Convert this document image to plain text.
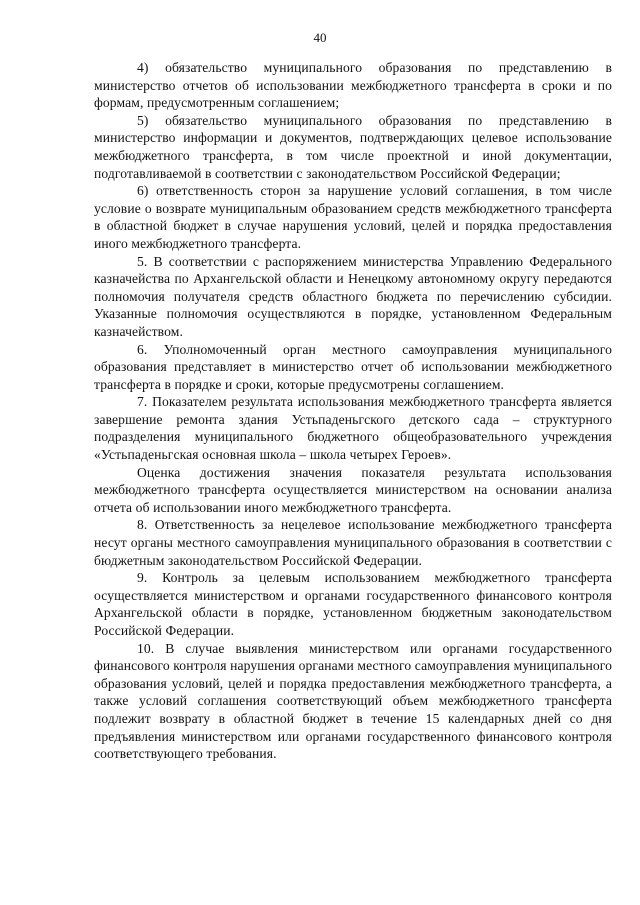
40

4) обязательство муниципального образования по представлению в министерство отчетов об использовании межбюджетного трансферта в сроки и по формам, предусмотренным соглашением;

5) обязательство муниципального образования по представлению в министерство информации и документов, подтверждающих целевое использование межбюджетного трансферта, в том числе проектной и иной документации, подготавливаемой в соответствии с законодательством Российской Федерации;

6) ответственность сторон за нарушение условий соглашения, в том числе условие о возврате муниципальным образованием средств межбюджетного трансферта в областной бюджет в случае нарушения условий, целей и порядка предоставления иного межбюджетного трансферта.

5. В соответствии с распоряжением министерства Управлению Федерального казначейства по Архангельской области и Ненецкому автономному округу передаются полномочия получателя средств областного бюджета по перечислению субсидии. Указанные полномочия осуществляются в порядке, установленном Федеральным казначейством.

6. Уполномоченный орган местного самоуправления муниципального образования представляет в министерство отчет об использовании межбюджетного трансферта в порядке и сроки, которые предусмотрены соглашением.

7. Показателем результата использования межбюджетного трансферта является завершение ремонта здания Устьпаденьгского детского сада – структурного подразделения муниципального бюджетного общеобразовательного учреждения «Устьпаденьгская основная школа – школа четырех Героев».

Оценка достижения значения показателя результата использования межбюджетного трансферта осуществляется министерством на основании анализа отчета об использовании иного межбюджетного трансферта.

8. Ответственность за нецелевое использование межбюджетного трансферта несут органы местного самоуправления муниципального образования в соответствии с бюджетным законодательством Российской Федерации.

9. Контроль за целевым использованием межбюджетного трансферта осуществляется министерством и органами государственного финансового контроля Архангельской области в порядке, установленном бюджетным законодательством Российской Федерации.

10. В случае выявления министерством или органами государственного финансового контроля нарушения органами местного самоуправления муниципального образования условий, целей и порядка предоставления межбюджетного трансферта, а также условий соглашения соответствующий объем межбюджетного трансферта подлежит возврату в областной бюджет в течение 15 календарных дней со дня предъявления министерством или органами государственного финансового контроля соответствующего требования.
